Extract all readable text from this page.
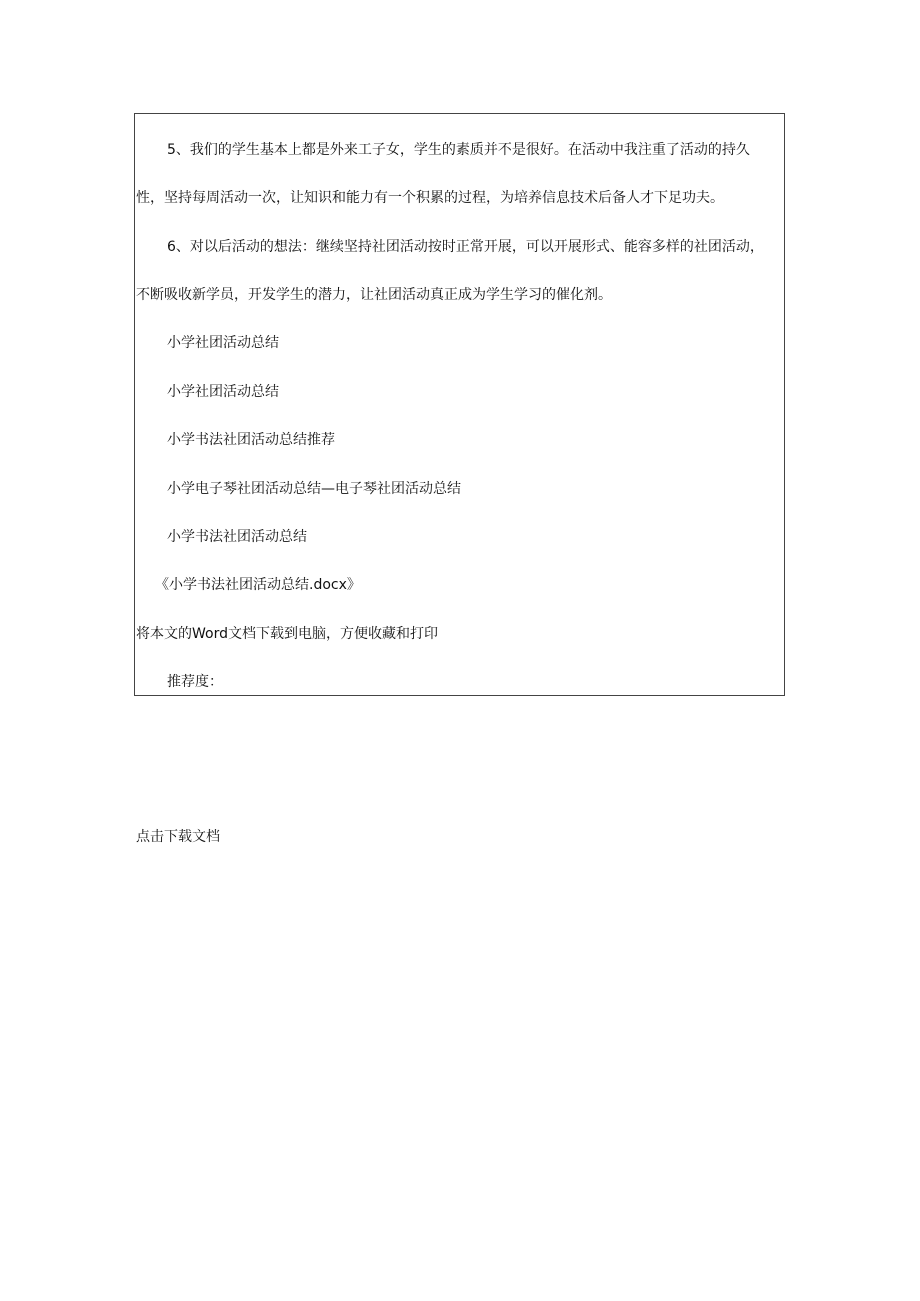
5、我们的学生基本上都是外来工子女，学生的素质并不是很好。在活动中我注重了活动的持久
性，坚持每周活动一次，让知识和能力有一个积累的过程，为培养信息技术后备人才下足功夫。
6、对以后活动的想法：继续坚持社团活动按时正常开展，可以开展形式、能容多样的社团活动，
不断吸收新学员，开发学生的潜力，让社团活动真正成为学生学习的催化剂。
小学社团活动总结
小学社团活动总结
小学书法社团活动总结推荐
小学电子琴社团活动总结—电子琴社团活动总结
小学书法社团活动总结
《小学书法社团活动总结.docx》
将本文的Word文档下载到电脑，方便收藏和打印
推荐度：
点击下载文档
